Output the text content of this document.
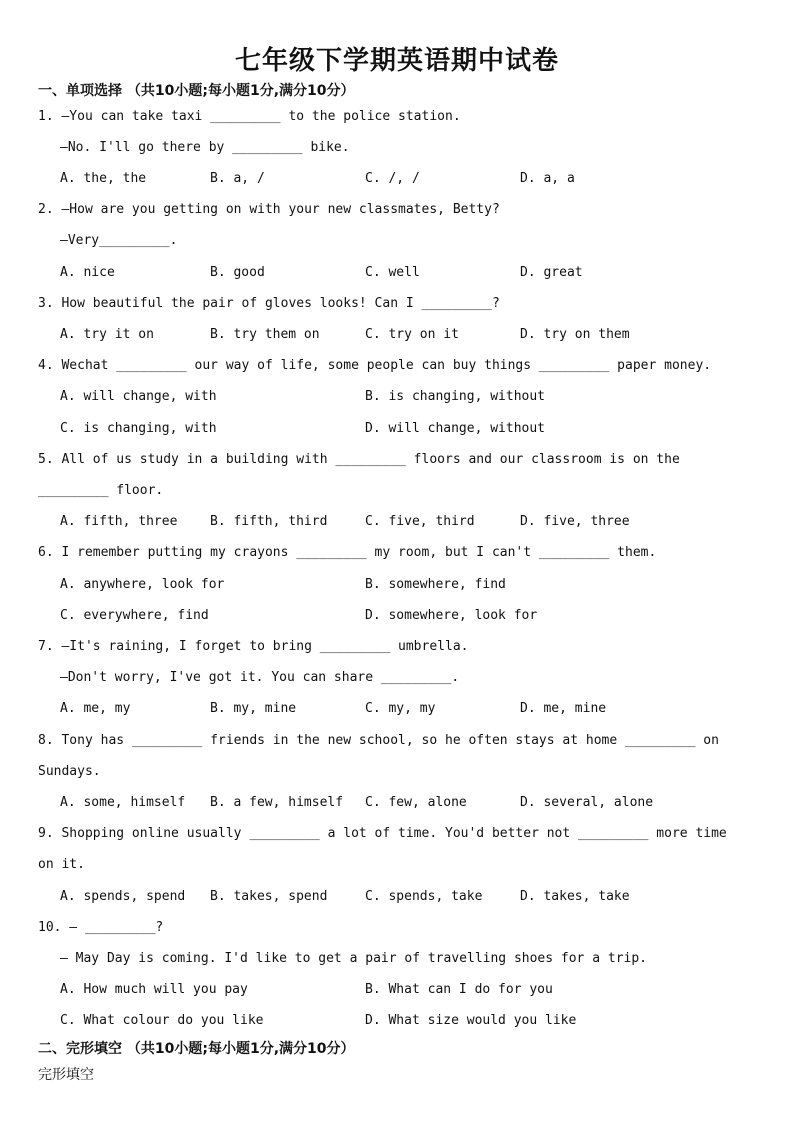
七年级下学期英语期中试卷
一、单项选择 （共10小题;每小题1分,满分10分）
1. —You can take taxi _________ to the police station.
—No. I'll go there by _________ bike.
A. the, the	B. a, /	C. /, /	D. a, a
2. —How are you getting on with your new classmates, Betty?
—Very_________.
A. nice	B. good	C. well	D. great
3. How beautiful the pair of gloves looks! Can I _________?
A. try it on	B. try them on	C. try on it	D. try on them
4. Wechat _________ our way of life, some people can buy things _________ paper money.
A. will change, with	B. is changing, without
C. is changing, with	D. will change, without
5. All of us study in a building with _________ floors and our classroom is on the
_________ floor.
A. fifth, three	B. fifth, third	C. five, third	D. five, three
6. I remember putting my crayons _________ my room, but I can't _________ them.
A. anywhere, look for	B. somewhere, find
C. everywhere, find	D. somewhere, look for
7. —It's raining, I forget to bring _________ umbrella.
—Don't worry, I've got it. You can share _________.
A. me, my	B. my, mine	C. my, my	D. me, mine
8. Tony has _________ friends in the new school, so he often stays at home _________ on
Sundays.
A. some, himself B. a few, himself C. few, alone	D. several, alone
9. Shopping online usually _________ a lot of time. You'd better not _________ more time
on it.
A. spends, spend B. takes, spend	C. spends, take	D. takes, take
10. — _________?
— May Day is coming. I'd like to get a pair of travelling shoes for a trip.
A. How much will you pay	B. What can I do for you
C. What colour do you like	D. What size would you like
二、完形填空 （共10小题;每小题1分,满分10分）
完形填空
